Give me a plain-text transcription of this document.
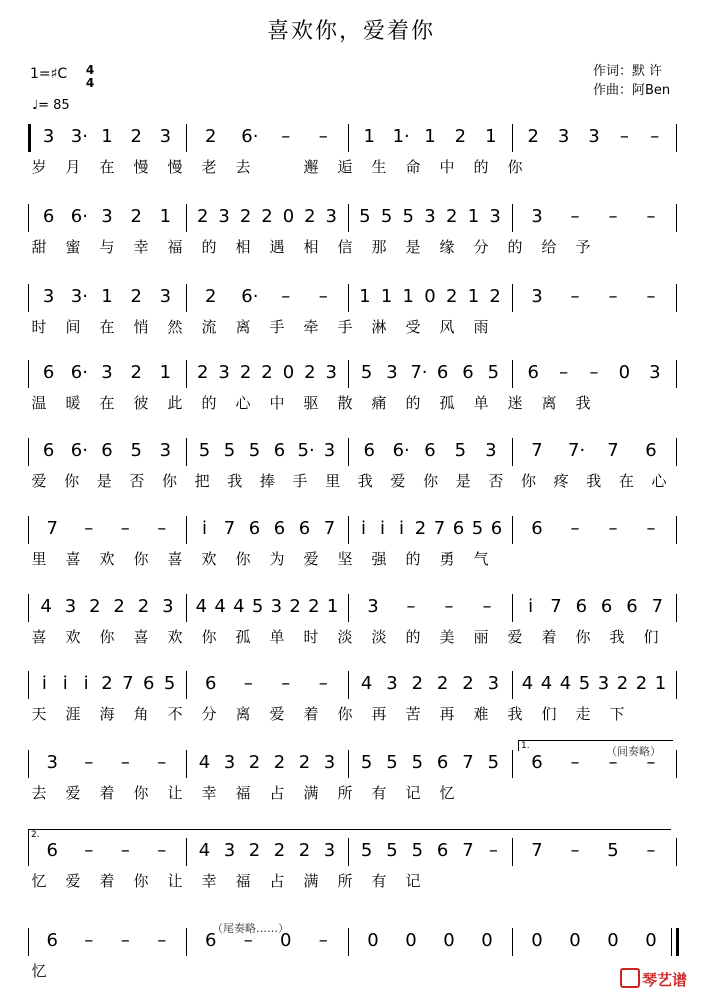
喜欢你，爱着你
1=♯C	4
4
♩= 85
作词：默 许
作曲：阿Ben
3 3· 1 2 3 2 6· – – 1 1· 1 2 1 2 3 3 – –
岁 月 在 慢 慢 老 去	邂 逅 生 命 中 的 你
6 6· 3 2 1 2 3 2 2 0 2 3 5 5 5 3 2 1 3 3 – – –
甜 蜜 与 幸 福 的 相 遇 相 信 那 是 缘 分 的 给 予
3 3· 1 2 3 2 6· – – 1 1 1 0 2 1 2 3 – – –
时 间 在 悄 然 流 离 手 牵 手 淋 受 风 雨
6 6· 3 2 1 2 3 2 2 0 2 3 5 3 7· 6 6 5 6 – – 0 3
温 暖 在 彼 此 的 心 中 驱 散 痛 的 孤 单 迷 离 我
6 6· 6 5 3 5 5 5 6 5· 3 6 6· 6 5 3 7 7· 7 6
爱 你 是 否 你 把 我 捧 手 里 我 爱 你 是 否 你 疼 我 在 心
7 – – – i 7 6 6 6 7 i i i 2 7 6 5 6 6 – – –
里 喜 欢 你 喜 欢 你 为 爱 坚 强 的 勇 气
4 3 2 2 2 3 4 4 4 5 3 2 2 1 3 – – – i 7 6 6 6 7
喜 欢 你 喜 欢 你 孤 单 时 淡 淡 的 美 丽 爱 着 你 我 们
i i i 2 7 6 5 6 – – – 4 3 2 2 2 3 4 4 4 5 3 2 2 1
天 涯 海 角 不 分 离 爱 着 你 再 苦 再 难 我 们 走 下
3 – – – 4 3 2 2 2 3 5 5 5 6 7 5 6 – – –
去 爱 着 你 让 幸 福 占 满 所 有 记 忆
6 – – – 4 3 2 2 2 3 5 5 5 6 7 – 7 – 5 –
忆 爱 着 你 让 幸 福 占 满 所 有 记
6 – – – 6 – 0 – 0 0 0 0 0 0 0 0
忆
（间奏略）
1.
2.
（尾奏略……）
琴艺谱
